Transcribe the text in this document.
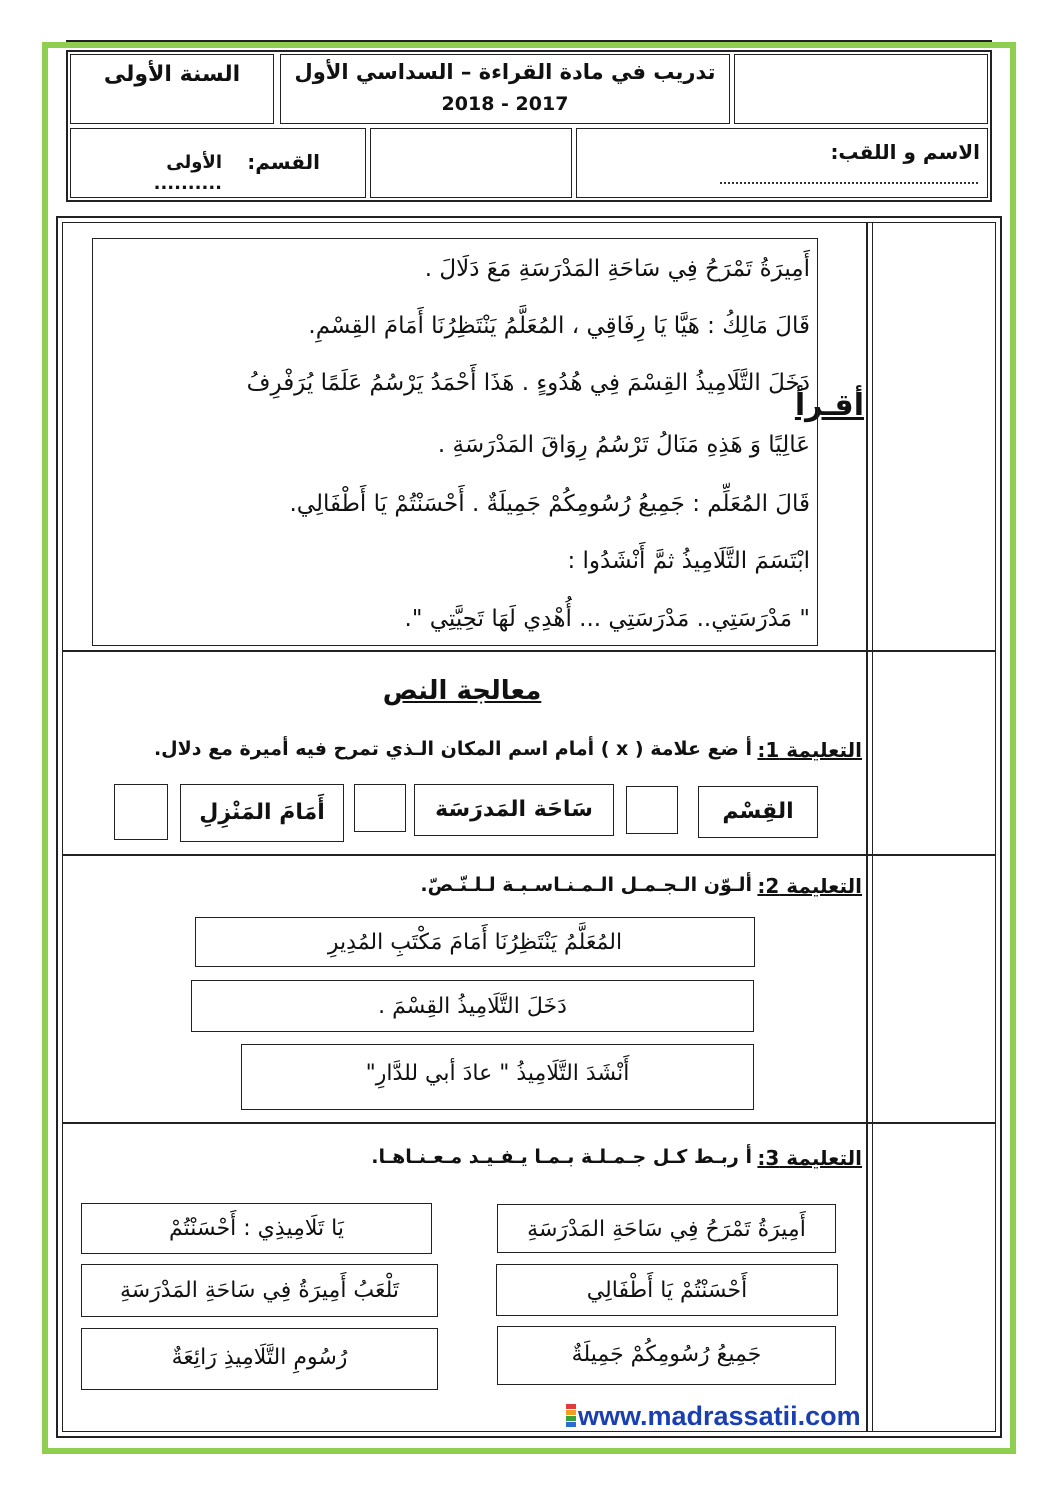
السنة الأولى	تدريب في مادة القراءة – السداسي الأول
2018 - 2017
القسم:
الأولى ..........
الاسم و اللقب:
أقـرأ
أَمِيرَةُ تَمْرَحُ فِي سَاحَةِ المَدْرَسَةِ مَعَ دَلَالَ .
قَالَ مَالِكُ : هَيَّا يَا رِفَاقِي ، المُعَلَّمُ يَنْتَظِرُنَا أَمَامَ القِسْمِ.
دَخَلَ التَّلَامِيذُ القِسْمَ فِي هُدُوءٍ . هَذَا أَحْمَدُ يَرْسُمُ عَلَمًا يُرَفْرِفُ
عَالِيًا وَ هَذِهِ مَنَالُ تَرْسُمُ رِوَاقَ المَدْرَسَةِ .
قَالَ المُعَلِّم : جَمِيعُ رُسُومِكُمْ جَمِيلَةٌ . أَحْسَنْتُمْ يَا أَطْفَالِي.
ابْتَسَمَ التَّلَامِيذُ ثمَّ أَنْشَدُوا :
" مَدْرَسَتِي.. مَدْرَسَتِي ... أُهْدِي لَهَا تَحِيَّتِي ".
معالجة النص
التعليمة 1:
أ ضع علامة ( x ) أمام اسم المكان الـذي تمرح فيه أميرة مع دلال.
القِسْم
سَاحَة المَدرَسَة
أَمَامَ المَنْزِلِ
التعليمة 2:
ألـوّن الـجـمـل الـمـنـاسـبـة لـلـنّـصّ.
المُعَلَّمُ يَنْتَظِرُنَا أَمَامَ مَكْتَبِ المُدِيرِ
دَخَلَ التَّلَامِيذُ القِسْمَ .
أَنْشَدَ التَّلَامِيذُ " عادَ أبي للدَّارِ"
التعليمة 3:
أ ربـط كـل جـمـلـة بـمـا يـفـيـد مـعـنـاهـا.
أَمِيرَةُ تَمْرَحُ فِي سَاحَةِ المَدْرَسَةِ
أَحْسَنْتُمْ يَا أَطْفَالِي
جَمِيعُ رُسُومِكُمْ جَمِيلَةٌ
يَا تَلَامِيذِي : أَحْسَنْتُمْ
تَلْعَبُ أَمِيرَةُ فِي سَاحَةِ المَدْرَسَةِ
رُسُومِ التَّلَامِيذِ رَائِعَةٌ
www.madrassatii.com
